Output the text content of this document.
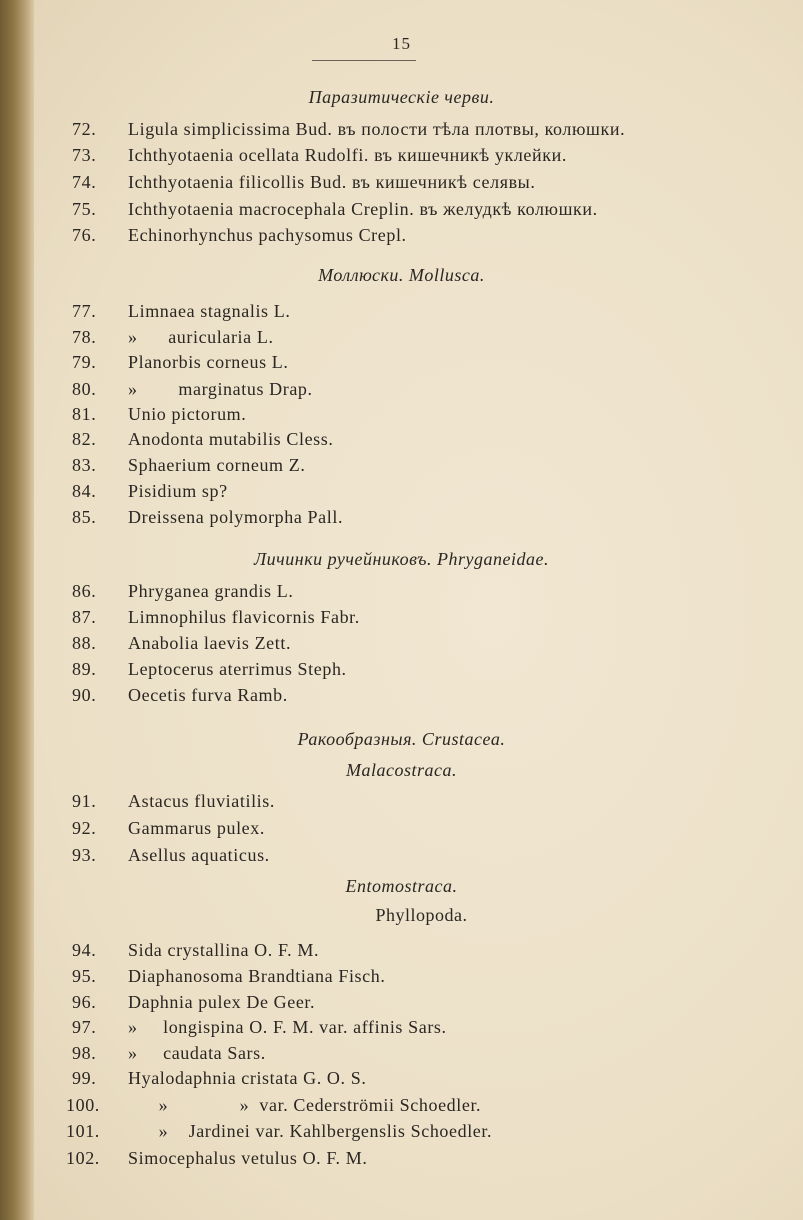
15
Паразитическiе черви.
Моллюски. Mollusca.
Личинки ручейниковъ. Phryganeidae.
Ракообразныя. Crustacea.
Malacostraca.
Entomostraca.
Phyllopoda.
72.	Ligula simplicissima Bud. въ полости тѣла плотвы, колюшки.
73.	Ichthyotaenia ocellata Rudolfi. въ кишечникѣ уклейки.
74.	Ichthyotaenia filicollis Bud. въ кишечникѣ селявы.
75.	Ichthyotaenia macrocephala Creplin. въ желудкѣ колюшки.
76.	Echinorhynchus pachysomus Crepl.
77.	Limnaea stagnalis L.
78.	»      auricularia L.
79.	Planorbis corneus L.
80.	»        marginatus Drap.
81.	Unio pictorum.
82.	Anodonta mutabilis Cless.
83.	Sphaerium corneum Z.
84.	Pisidium sp?
85.	Dreissena polymorpha Pall.
86.	Phryganea grandis L.
87.	Limnophilus flavicornis Fabr.
88.	Anabolia laevis Zett.
89.	Leptocerus aterrimus Steph.
90.	Oecetis furva Ramb.
91.	Astacus fluviatilis.
92.	Gammarus pulex.
93.	Asellus aquaticus.
94.	Sida crystallina O. F. M.
95.	Diaphanosoma Brandtiana Fisch.
96.	Daphnia pulex De Geer.
97.	»     longispina O. F. M. var. affinis Sars.
98.	»     caudata Sars.
99.	Hyalodaphnia cristata G. O. S.
100.	»              »  var. Cederströmii Schoedler.
101.	»    Jardinei var. Kahlbergenslis Schoedler.
102.	Simocephalus vetulus O. F. M.
